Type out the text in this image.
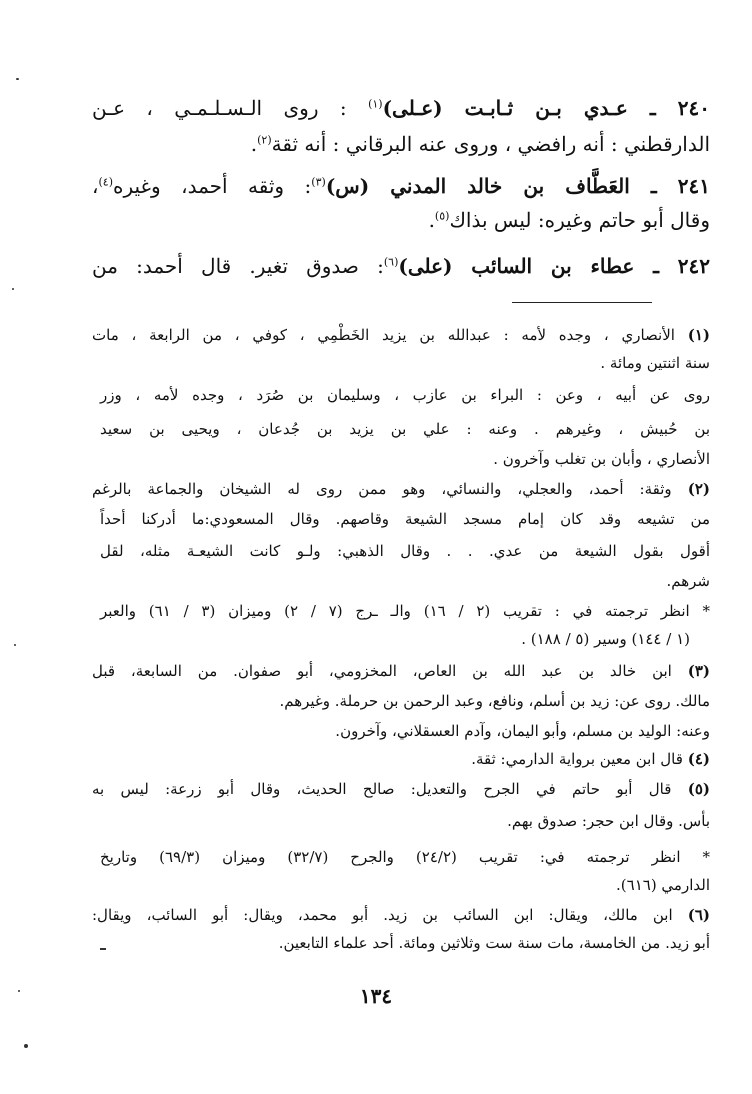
٢٤٠ ـ عـدي بـن ثـابـت (عـلى)$^{(١)}$ : روى الـسـلـمـي ، عـن
الدارقطني : أنه رافضي ، وروى عنه البرقاني : أنه ثقة$^{(٢)}$.
٢٤١ ـ العَطَّاف بن خالد المدني (س)$^{(٣)}$: وثقه أحمد، وغيره$^{(٤)}$،
وقال أبو حاتم وغيره: ليس بذاك$^{(٥)}$.
٢٤٢ ـ عطاء بن السائب (على)$^{(٦)}$: صدوق تغير. قال أحمد: من
(١) الأنصاري ، وجده لأمه : عبدالله بن يزيد الخَطْمِي ، كوفي ، من الرابعة ، مات
سنة اثنتين ومائة .
روى عن أبيه ، وعن : البراء بن عازب ، وسليمان بن صُرَد ، وجده لأمه ، وزر
بن حُبيش ، وغيرهم . وعنه : علي بن يزيد بن جُدعان ، ويحيى بن سعيد
الأنصاري ، وأبان بن تغلب وآخرون .
(٢) وثقة: أحمد، والعجلي، والنسائي، وهو ممن روى له الشيخان والجماعة بالرغم
من تشيعه وقد كان إمام مسجد الشيعة وقاصهم. وقال المسعودي:ما أدركنا أحداً
أقول بقول الشيعة من عدي. . . وقال الذهبي: ولـو كانت الشيعـة مثله، لقل
شرهم.
* انظر ترجمته في : تقريب (٢ / ١٦) والـ ـرج (٧ / ٢) وميزان (٣ / ٦١) والعبر
(١ / ١٤٤) وسير (٥ / ١٨٨) .
(٣) ابن خالد بن عبد الله بن العاص، المخزومي، أبو صفوان. من السابعة، قبل
مالك. روى عن: زيد بن أسلم، ونافع، وعبد الرحمن بن حرملة. وغيرهم.
وعنه: الوليد بن مسلم، وأبو اليمان، وآدم العسقلاني، وآخرون.
(٤) قال ابن معين برواية الدارمي: ثقة.
(٥) قال أبو حاتم في الجرح والتعديل: صالح الحديث، وقال أبو زرعة: ليس به
بأس. وقال ابن حجر: صدوق بهم.
* انظر ترجمته في: تقريب (٢٤/٢) والجرح (٣٢/٧) وميزان (٦٩/٣) وتاريخ
الدارمي (٦١٦).
(٦) ابن مالك، ويقال: ابن السائب بن زيد. أبو محمد، ويقال: أبو السائب، ويقال:
أبو زيد. من الخامسة، مات سنة ست وثلاثين ومائة. أحد علماء التابعين.
١٣٤
